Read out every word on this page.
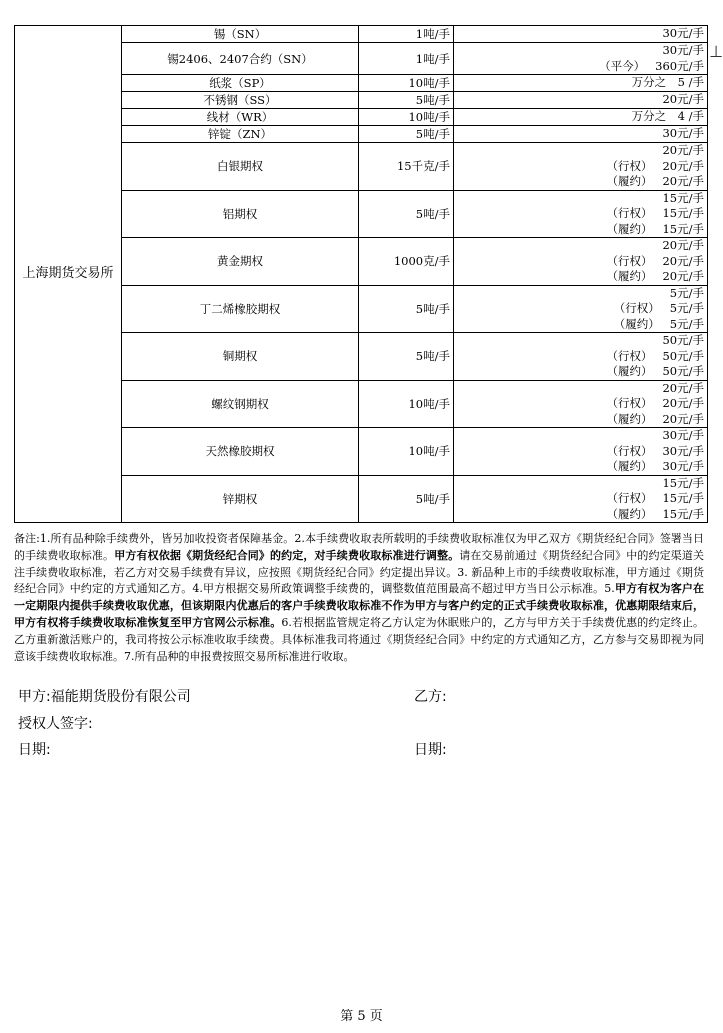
上海期货交易所	锡（SN）	1吨/手	30元/手

	锡2406、2407合约（SN）	1吨/手	30元/手
（平今） 360元/手

	纸浆（SP）	10吨/手	万分之　5 /手

	不锈钢（SS）	5吨/手	20元/手

	线材（WR）	10吨/手	万分之　4 /手

	锌锭（ZN）	5吨/手	30元/手

	白银期权	15千克/手	20元/手
（行权） 20元/手
（履约） 20元/手

	铝期权	5吨/手	15元/手
（行权） 15元/手
（履约） 15元/手

	黄金期权	1000克/手	20元/手
（行权） 20元/手
（履约） 20元/手

	丁二烯橡胶期权	5吨/手	5元/手
（行权） 5元/手
（履约） 5元/手

	铜期权	5吨/手	50元/手
（行权） 50元/手
（履约） 50元/手

	螺纹钢期权	10吨/手	20元/手
（行权） 20元/手
（履约） 20元/手

	天然橡胶期权	10吨/手	30元/手
（行权） 30元/手
（履约） 30元/手

	锌期权	5吨/手	15元/手
（行权） 15元/手
（履约） 15元/手
⊥
备注:1.所有品种除手续费外，皆另加收投资者保障基金。2.本手续费收取表所载明的手续费收取标准仅为甲乙双方《期货经纪合同》签署当日的手续费收取标准。甲方有权依据《期货经纪合同》的约定，对手续费收取标准进行调整。请在交易前通过《期货经纪合同》中的约定渠道关注手续费收取标准，若乙方对交易手续费有异议，应按照《期货经纪合同》约定提出异议。3. 新品种上市的手续费收取标准，甲方通过《期货经纪合同》中约定的方式通知乙方。4.甲方根据交易所政策调整手续费的，调整数值范围最高不超过甲方当日公示标准。5.甲方有权为客户在一定期限内提供手续费收取优惠，但该期限内优惠后的客户手续费收取标准不作为甲方与客户约定的正式手续费收取标准，优惠期限结束后，甲方有权将手续费收取标准恢复至甲方官网公示标准。6.若根据监管规定将乙方认定为休眠账户的，乙方与甲方关于手续费优惠的约定终止。乙方重新激活账户的，我司将按公示标准收取手续费。具体标准我司将通过《期货经纪合同》中约定的方式通知乙方，乙方参与交易即视为同意该手续费收取标准。7.所有品种的申报费按照交易所标准进行收取。
甲方:福能期货股份有限公司	乙方:
授权人签字:
日期:	日期:
第 5 页
